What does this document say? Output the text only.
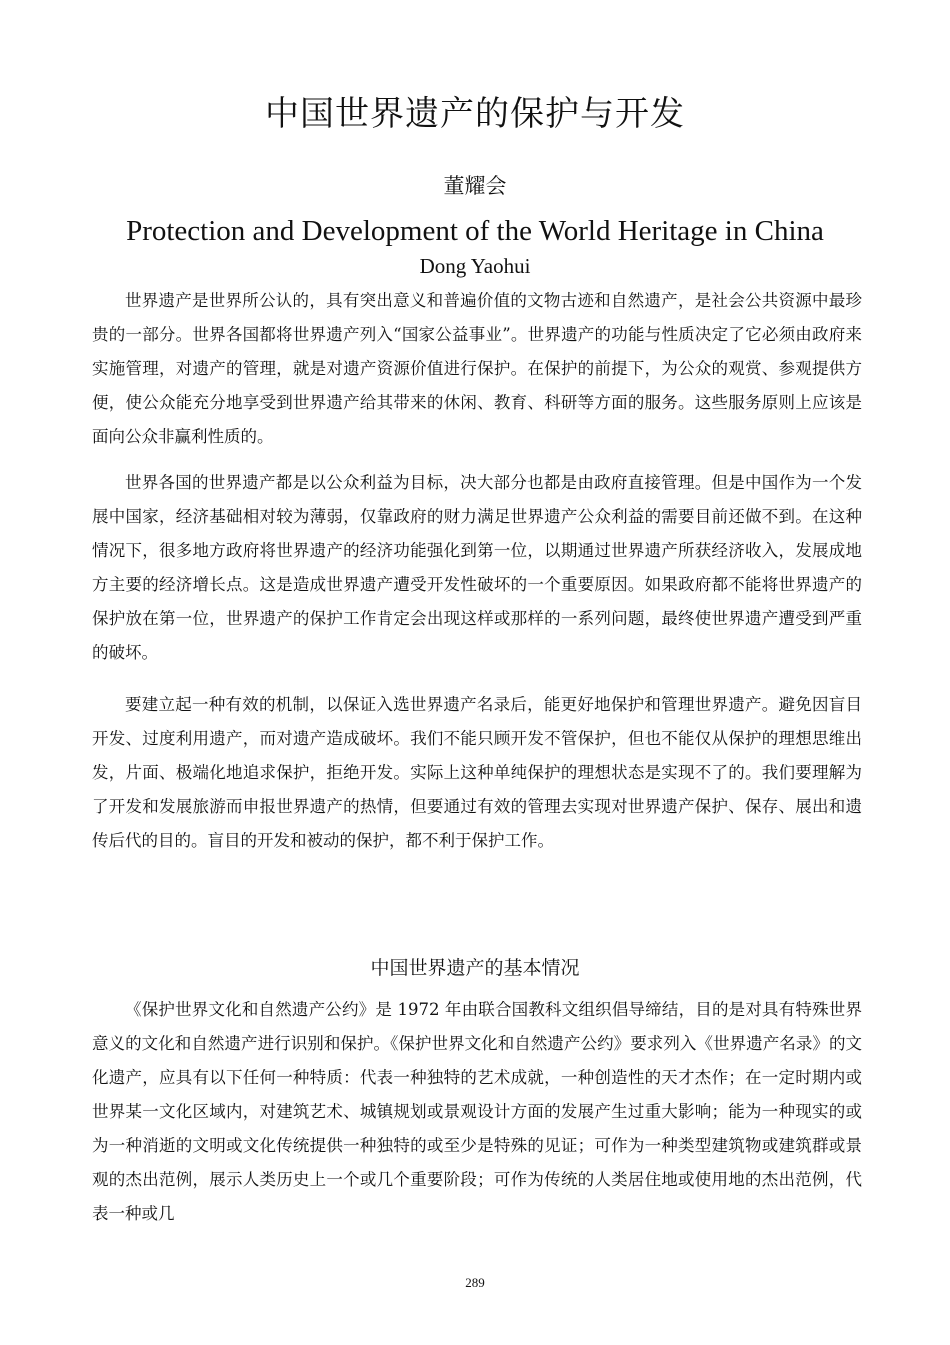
中国世界遗产的保护与开发
董耀会
Protection and Development of the World Heritage in China
Dong Yaohui

世界遗产是世界所公认的，具有突出意义和普遍价值的文物古迹和自然遗产，是社会公共资源中最珍贵的一部分。世界各国都将世界遗产列入“国家公益事业”。世界遗产的功能与性质决定了它必须由政府来实施管理，对遗产的管理，就是对遗产资源价值进行保护。在保护的前提下，为公众的观赏、参观提供方便，使公众能充分地享受到世界遗产给其带来的休闲、教育、科研等方面的服务。这些服务原则上应该是面向公众非赢利性质的。

世界各国的世界遗产都是以公众利益为目标，决大部分也都是由政府直接管理。但是中国作为一个发展中国家，经济基础相对较为薄弱，仅靠政府的财力满足世界遗产公众利益的需要目前还做不到。在这种情况下，很多地方政府将世界遗产的经济功能强化到第一位，以期通过世界遗产所获经济收入，发展成地方主要的经济增长点。这是造成世界遗产遭受开发性破坏的一个重要原因。如果政府都不能将世界遗产的保护放在第一位，世界遗产的保护工作肯定会出现这样或那样的一系列问题，最终使世界遗产遭受到严重的破坏。

要建立起一种有效的机制，以保证入选世界遗产名录后，能更好地保护和管理世界遗产。避免因盲目开发、过度利用遗产，而对遗产造成破坏。我们不能只顾开发不管保护，但也不能仅从保护的理想思维出发，片面、极端化地追求保护，拒绝开发。实际上这种单纯保护的理想状态是实现不了的。我们要理解为了开发和发展旅游而申报世界遗产的热情，但要通过有效的管理去实现对世界遗产保护、保存、展出和遗传后代的目的。盲目的开发和被动的保护，都不利于保护工作。

中国世界遗产的基本情况

《保护世界文化和自然遗产公约》是 1972 年由联合国教科文组织倡导缔结，目的是对具有特殊世界意义的文化和自然遗产进行识别和保护。《保护世界文化和自然遗产公约》要求列入《世界遗产名录》的文化遗产，应具有以下任何一种特质：代表一种独特的艺术成就，一种创造性的天才杰作；在一定时期内或世界某一文化区域内，对建筑艺术、城镇规划或景观设计方面的发展产生过重大影响；能为一种现实的或为一种消逝的文明或文化传统提供一种独特的或至少是特殊的见证；可作为一种类型建筑物或建筑群或景观的杰出范例，展示人类历史上一个或几个重要阶段；可作为传统的人类居住地或使用地的杰出范例，代表一种或几

289
